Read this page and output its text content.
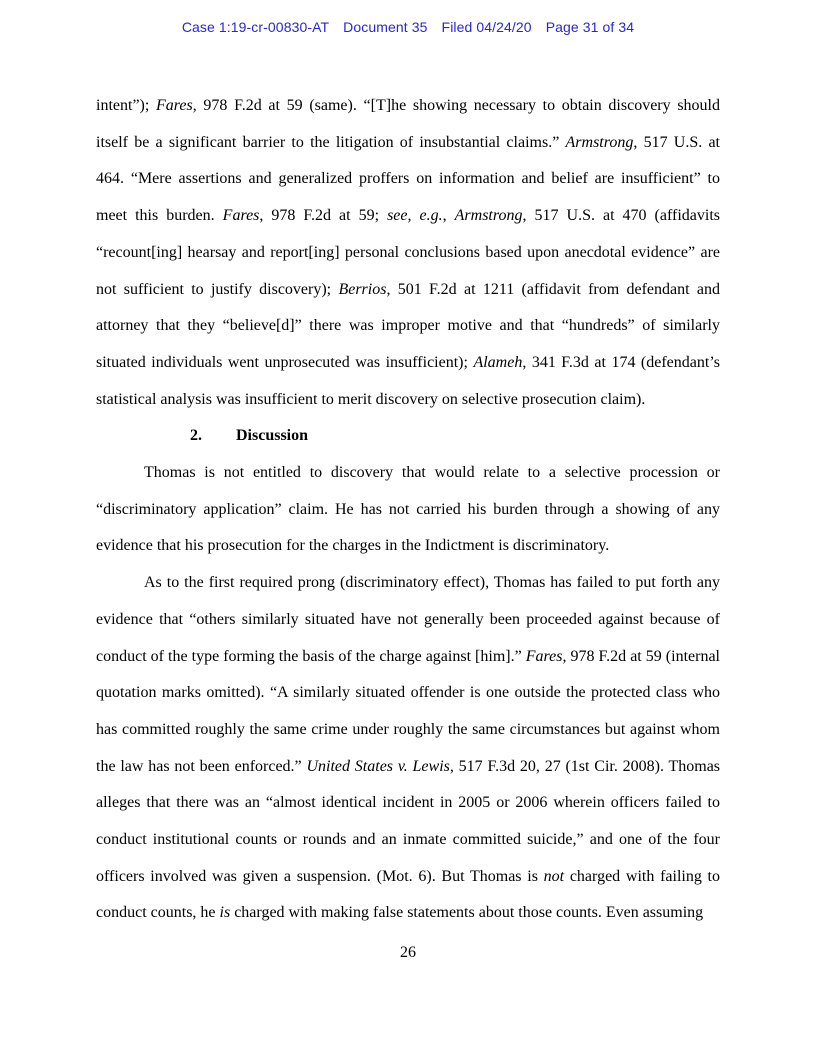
Case 1:19-cr-00830-AT Document 35 Filed 04/24/20 Page 31 of 34

intent”); Fares, 978 F.2d at 59 (same). “[T]he showing necessary to obtain discovery should itself be a significant barrier to the litigation of insubstantial claims.” Armstrong, 517 U.S. at 464. “Mere assertions and generalized proffers on information and belief are insufficient” to meet this burden. Fares, 978 F.2d at 59; see, e.g., Armstrong, 517 U.S. at 470 (affidavits “recount[ing] hearsay and report[ing] personal conclusions based upon anecdotal evidence” are not sufficient to justify discovery); Berrios, 501 F.2d at 1211 (affidavit from defendant and attorney that they “believe[d]” there was improper motive and that “hundreds” of similarly situated individuals went unprosecuted was insufficient); Alameh, 341 F.3d at 174 (defendant’s statistical analysis was insufficient to merit discovery on selective prosecution claim).

2. Discussion

Thomas is not entitled to discovery that would relate to a selective procession or “discriminatory application” claim. He has not carried his burden through a showing of any evidence that his prosecution for the charges in the Indictment is discriminatory.

As to the first required prong (discriminatory effect), Thomas has failed to put forth any evidence that “others similarly situated have not generally been proceeded against because of conduct of the type forming the basis of the charge against [him].” Fares, 978 F.2d at 59 (internal quotation marks omitted). “A similarly situated offender is one outside the protected class who has committed roughly the same crime under roughly the same circumstances but against whom the law has not been enforced.” United States v. Lewis, 517 F.3d 20, 27 (1st Cir. 2008). Thomas alleges that there was an “almost identical incident in 2005 or 2006 wherein officers failed to conduct institutional counts or rounds and an inmate committed suicide,” and one of the four officers involved was given a suspension. (Mot. 6). But Thomas is not charged with failing to conduct counts, he is charged with making false statements about those counts. Even assuming

26
